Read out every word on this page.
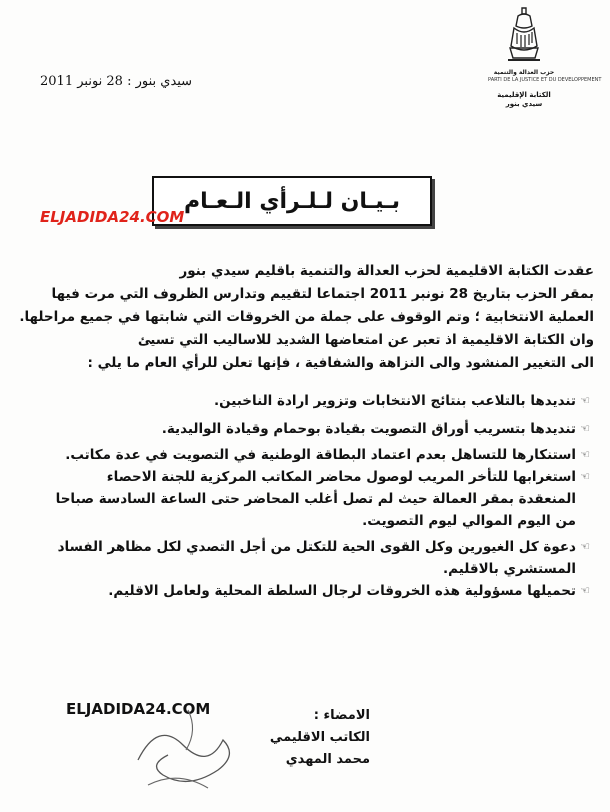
حزب العدالة والتنمية
PARTI DE LA JUSTICE ET DU DEVELOPPEMENT
الكتابة الإقليمية
سيدي بنور
سيدي بنور : 28 نونبر 2011
بـيـان لـلـرأي الـعـام
ELJADIDA24.COM
عقدت الكتابة الاقليمية لحزب العدالة والتنمية باقليم سيدي بنور
بمقر الحزب بتاريخ 28 نونبر 2011 اجتماعا لتقييم وتدارس الظروف التي مرت فيها
العملية الانتخابية ؛ وتم الوقوف على جملة من الخروقات التي شابتها في جميع مراحلها.
وان الكتابة الاقليمية اذ تعبر عن امتعاضها الشديد للاساليب التي تسيئ
الى التغيير المنشود والى النزاهة والشفافية ، فإنها تعلن للرأي العام ما يلي :
☜
تنديدها بالتلاعب بنتائج الانتخابات وتزوير ارادة الناخبين.
☜
تنديدها بتسريب أوراق التصويت بقيادة بوحمام وقيادة الواليدية.
☜
استنكارها للتساهل بعدم اعتماد البطاقة الوطنية في التصويت في عدة مكاتب.
☜
استغرابها للتأخر المريب لوصول محاضر المكاتب المركزية للجنة الاحصاء
المنعقدة بمقر العمالة حيث لم تصل أغلب المحاضر حتى الساعة السادسة صباحا
من اليوم الموالي ليوم التصويت.
☜
دعوة كل الغيورين وكل القوى الحية للتكتل من أجل التصدي لكل مظاهر الفساد
المستشري بالاقليم.
☜
تحميلها مسؤولية هذه الخروقات لرجال السلطة المحلية ولعامل الاقليم.
ELJADIDA24.COM	الامضاء :
الكاتب الاقليمي
محمد المهدي
